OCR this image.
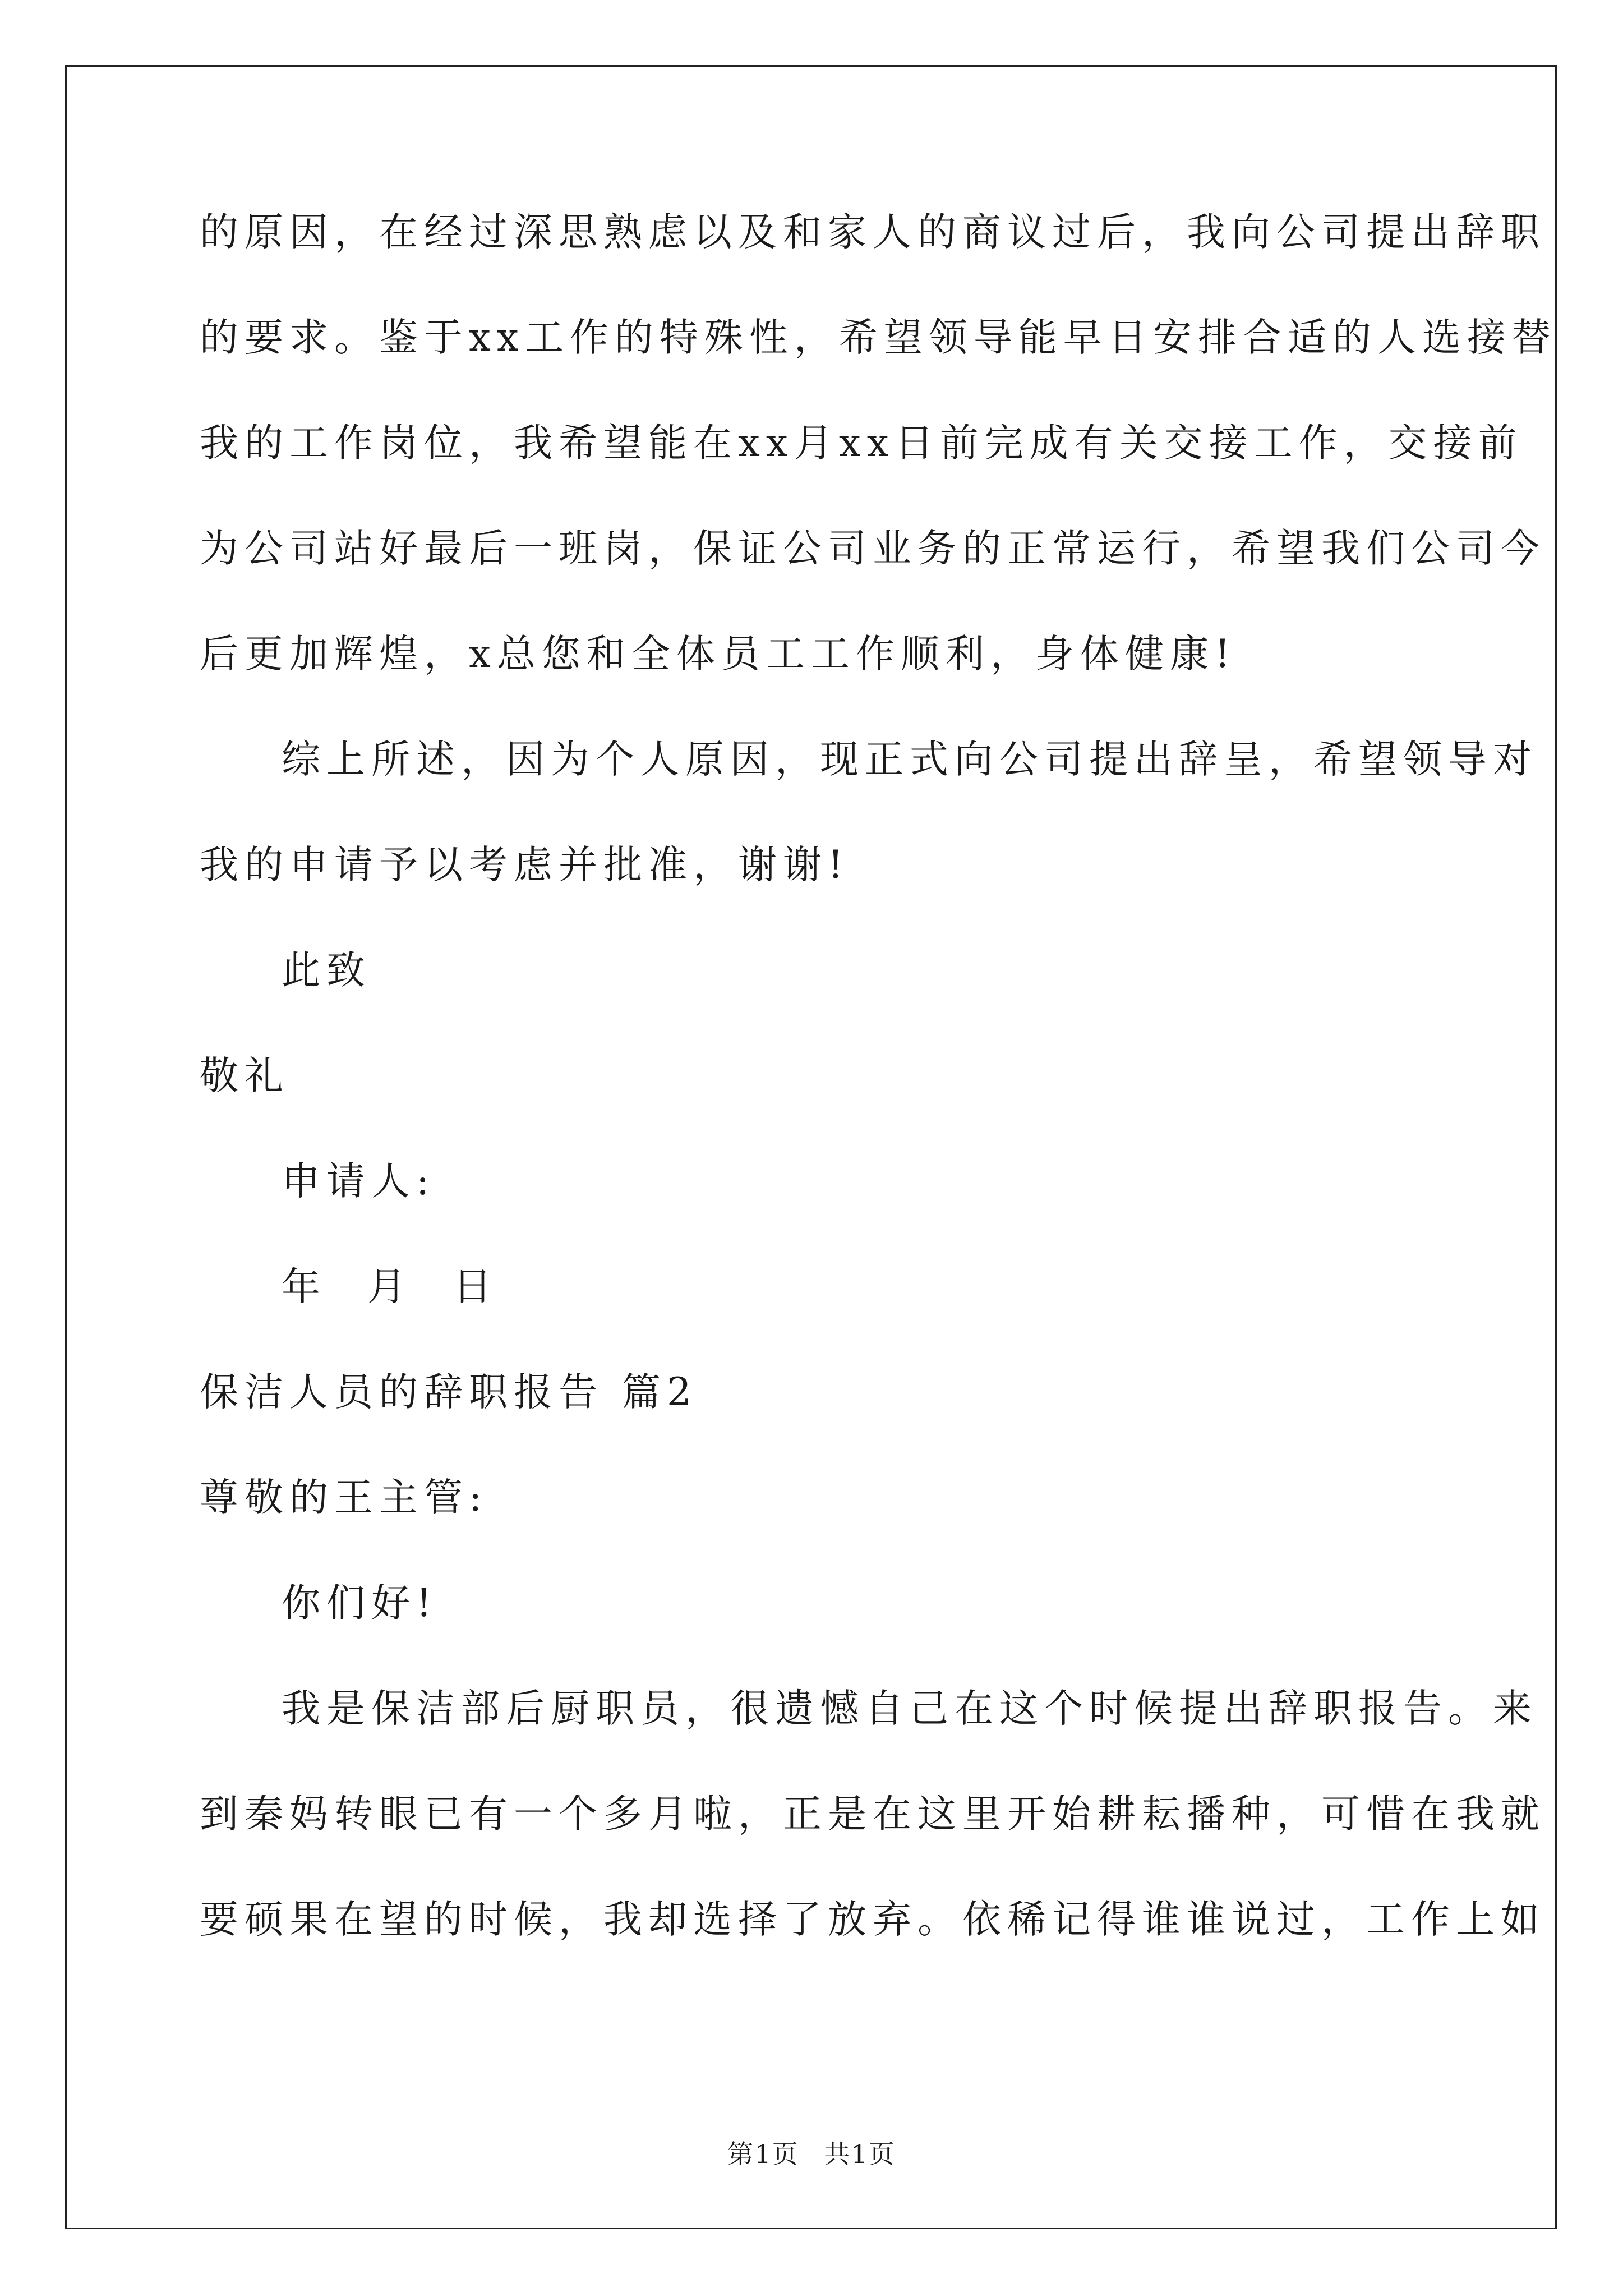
的原因，在经过深思熟虑以及和家人的商议过后，我向公司提出辞职
的要求。鉴于xx工作的特殊性，希望领导能早日安排合适的人选接替
我的工作岗位，我希望能在xx月xx日前完成有关交接工作，交接前
为公司站好最后一班岗，保证公司业务的正常运行，希望我们公司今
后更加辉煌，x总您和全体员工工作顺利，身体健康!
综上所述，因为个人原因，现正式向公司提出辞呈，希望领导对
我的申请予以考虑并批准，谢谢!
此致
敬礼
申请人:
年 月 日
保洁人员的辞职报告 篇2
尊敬的王主管:
你们好!
我是保洁部后厨职员，很遗憾自己在这个时候提出辞职报告。来
到秦妈转眼已有一个多月啦，正是在这里开始耕耘播种，可惜在我就
要硕果在望的时候，我却选择了放弃。依稀记得谁谁说过，工作上如
第1页 共1页
